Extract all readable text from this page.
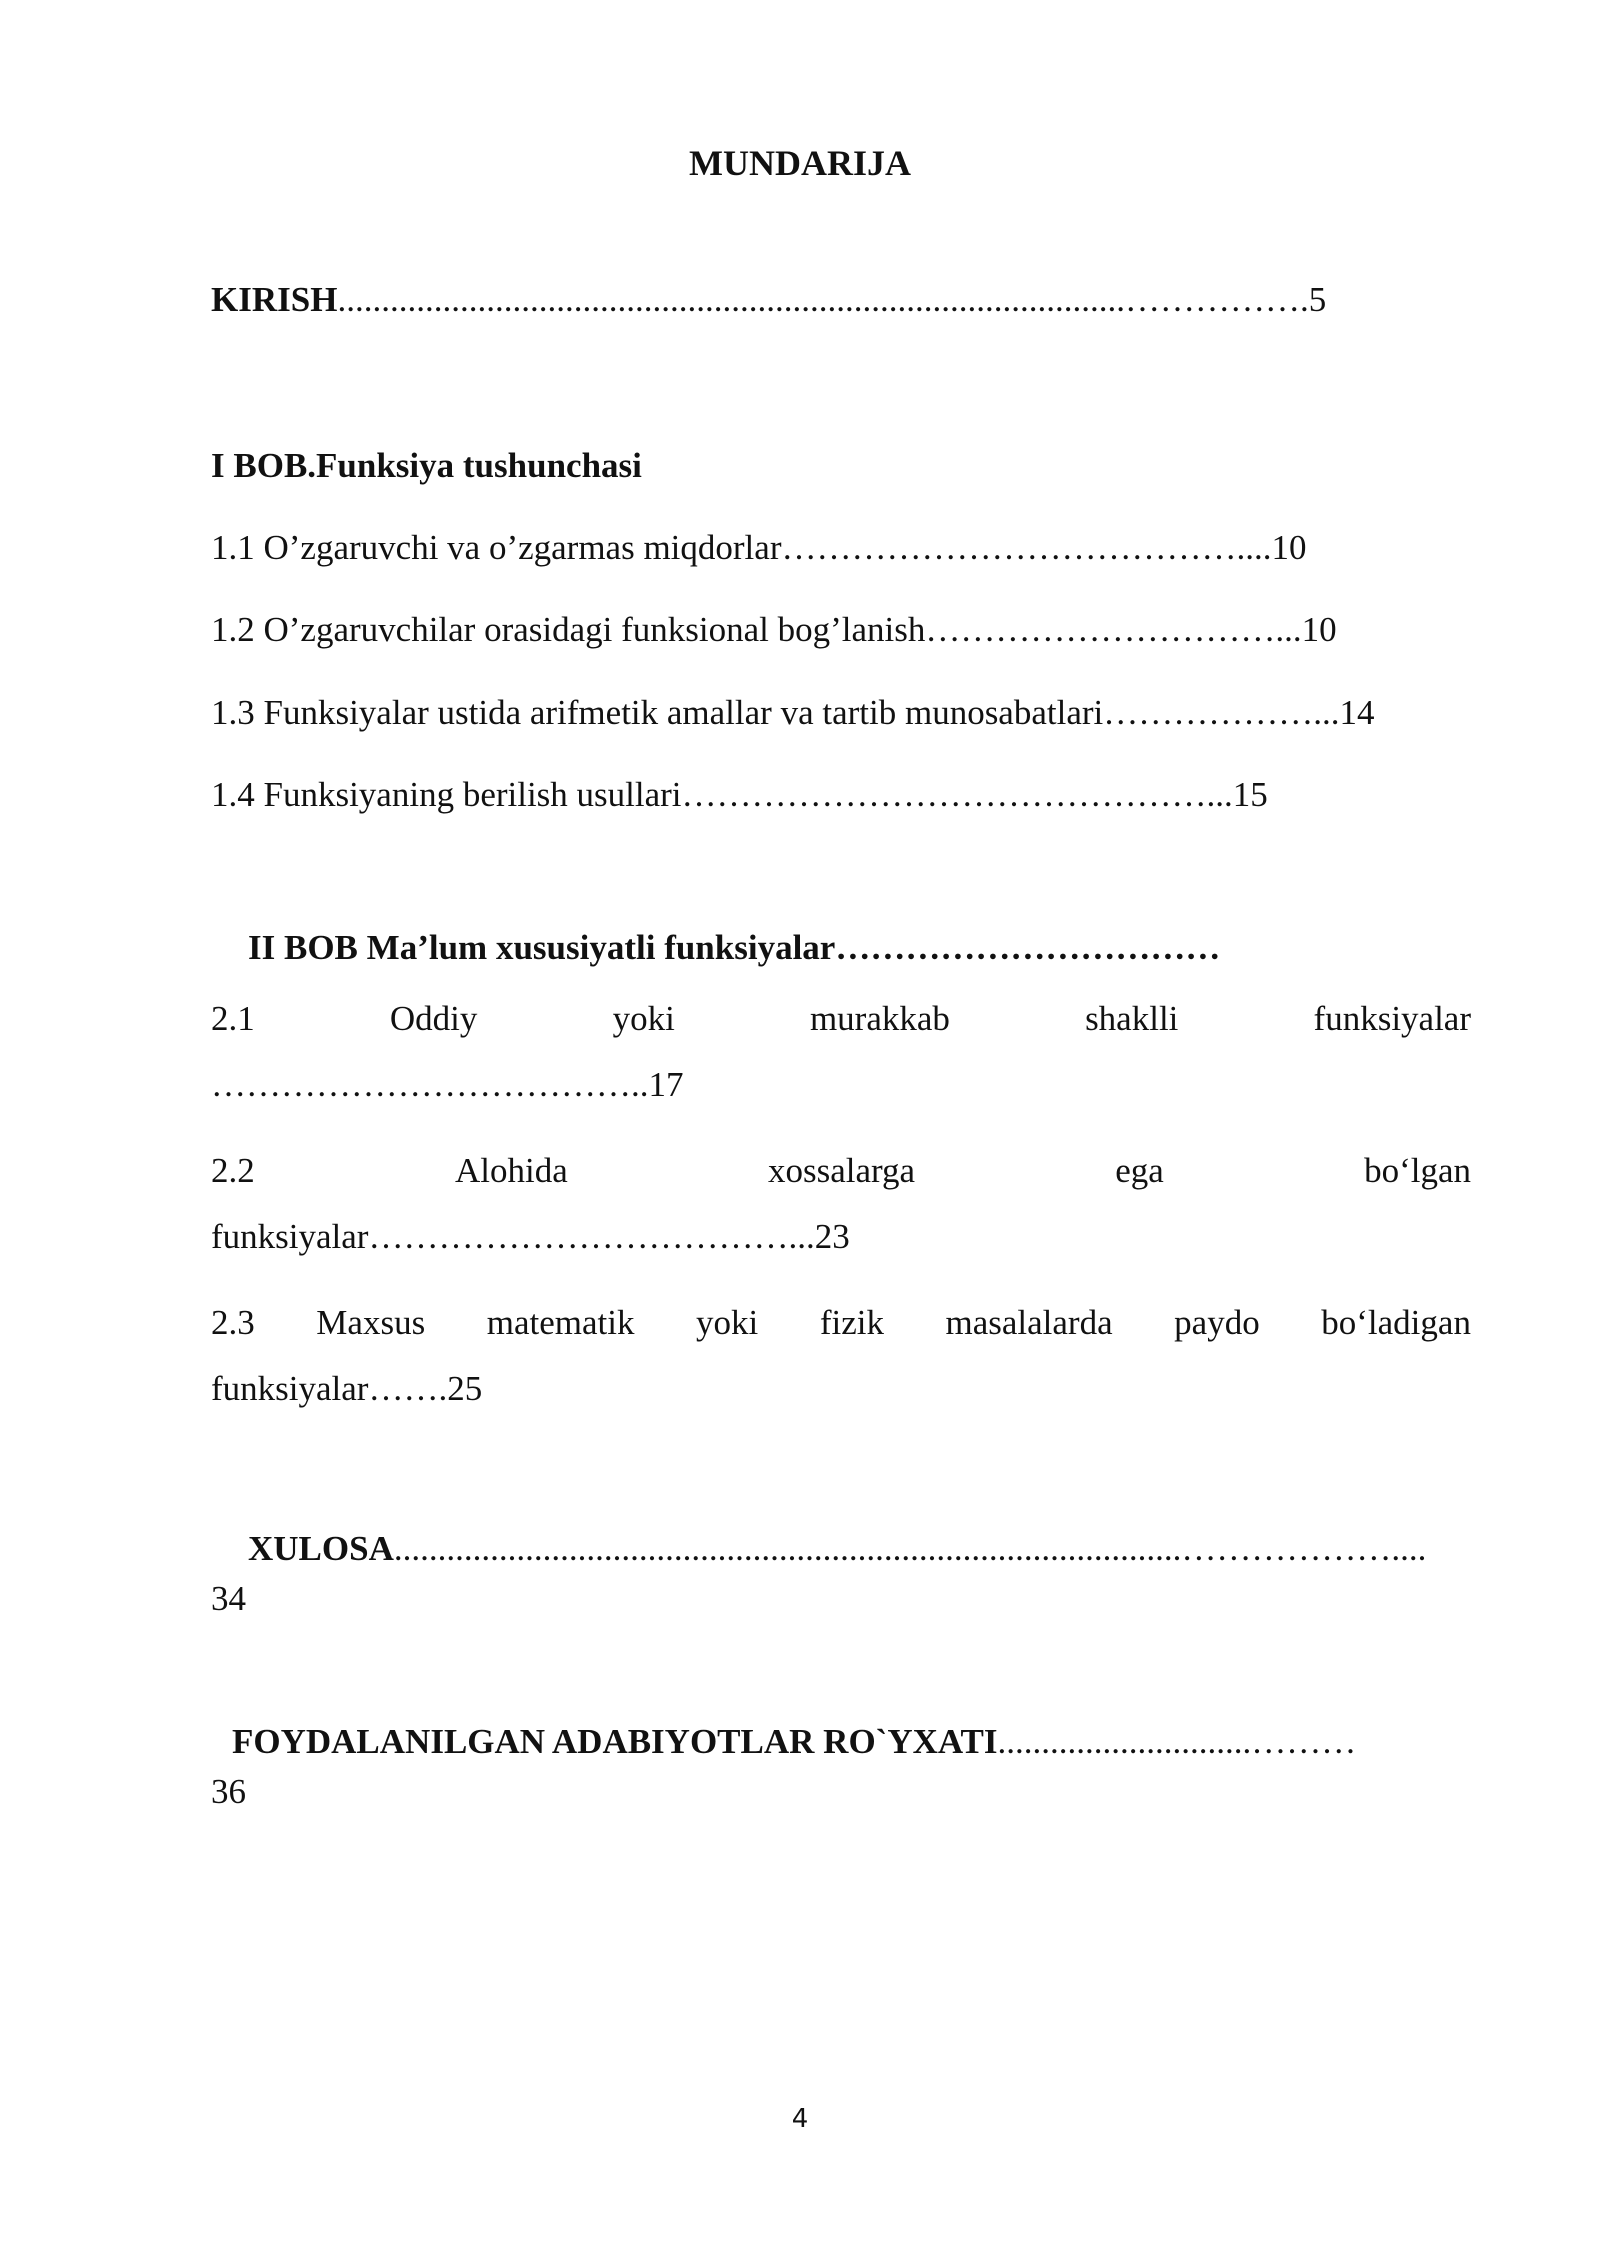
MUNDARIJA
KIRISH..........................................................................................…………….5
I BOB.Funksiya tushunchasi
1.1 O’zgaruvchi va o’zgarmas miqdorlar…………………………………....10
1.2 O’zgaruvchilar orasidagi funksional bog’lanish…………………………...10
1.3 Funksiyalar ustida arifmetik amallar va tartib munosabatlari………………...14
1.4 Funksiyaning berilish usullari………………………………………...15
II BOB Ma’lum xususiyatli funksiyalar……………………………
2.1	Oddiy	yoki	murakkab	shaklli	funksiyalar
………………………………..17
2.2	Alohida	xossalarga	ega	bo‘lgan
funksiyalar………………………………...23
2.3 Maxsus matematik yoki fizik masalalarda paydo bo‘ladigan
funksiyalar…….25
XULOSA..........................................................................................………………....
34
FOYDALANILGAN ADABIYOTLAR RO`YXATI.............................………
36
4
